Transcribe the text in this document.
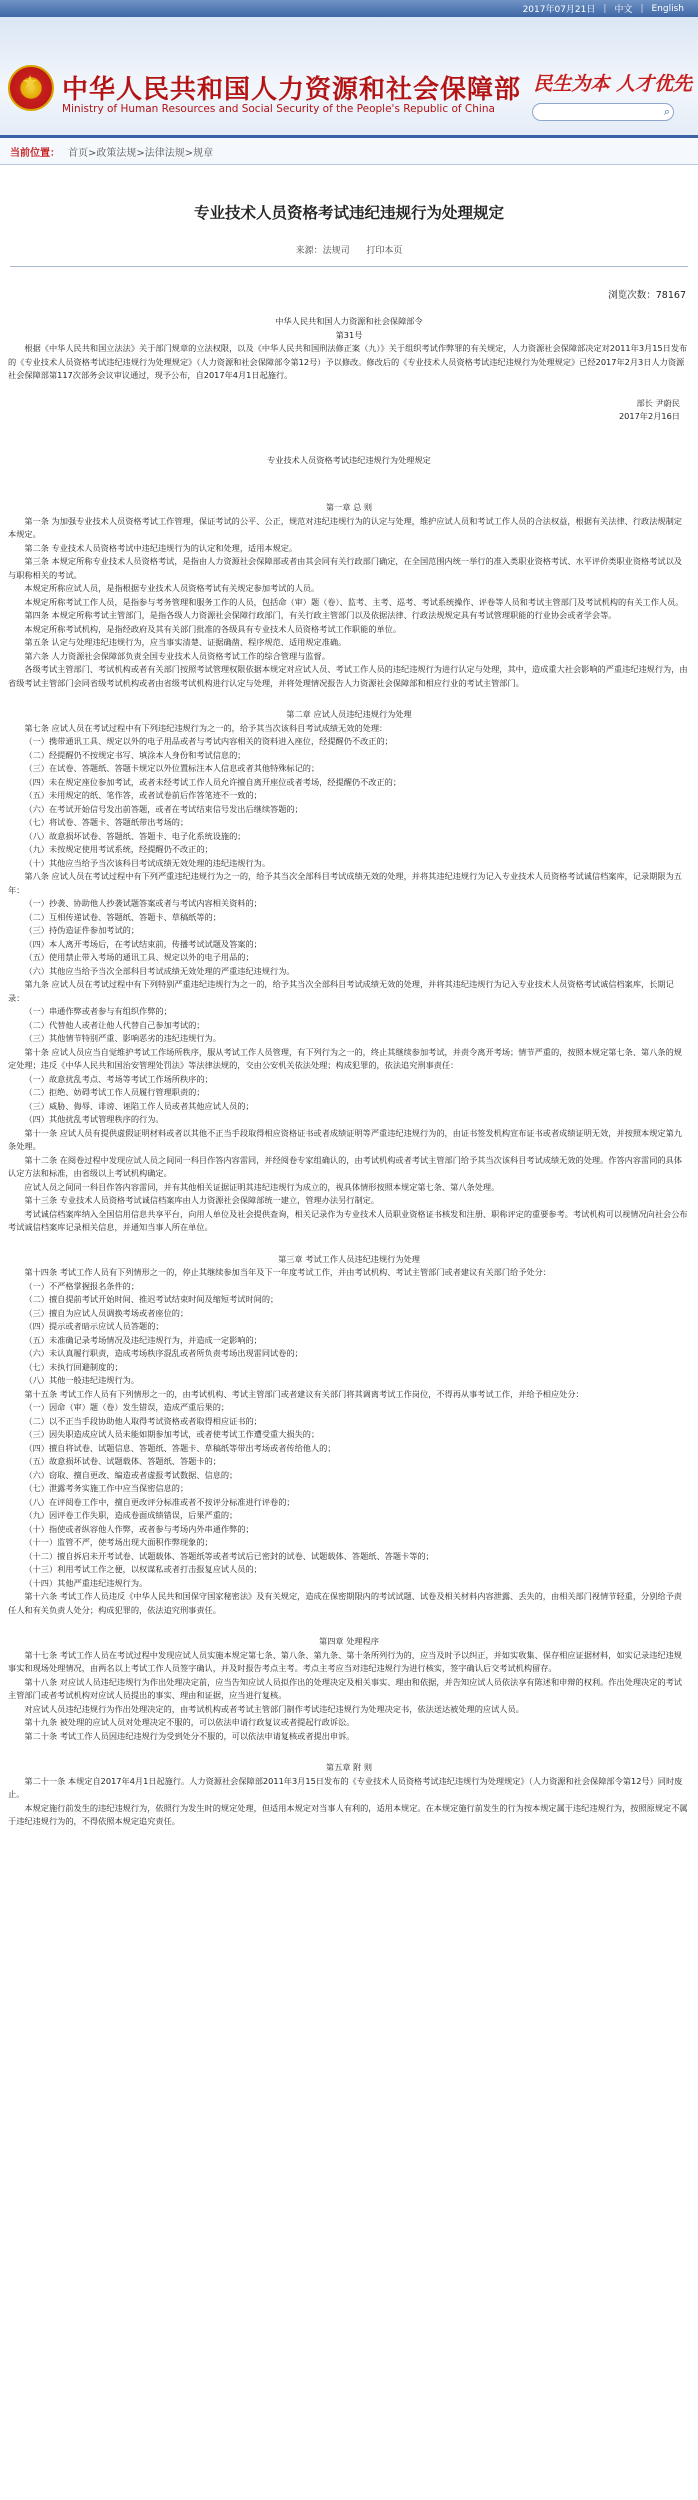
2017年07月21日 | 中文 | English
★
中华人民共和国人力资源和社会保障部
Ministry of Human Resources and Social Security of the People's Republic of China
民生为本 人才优先
⌕
当前位置： 首页>政策法规>法律法规>规章
专业技术人员资格考试违纪违规行为处理规定
来源：法规司 打印本页
浏览次数：78167
中华人民共和国人力资源和社会保障部令
第31号
根据《中华人民共和国立法法》关于部门规章的立法权限，以及《中华人民共和国刑法修正案（九）》关于组织考试作弊罪的有关规定，人力资源社会保障部决定对2011年3月15日发布的《专业技术人员资格考试违纪违规行为处理规定》（人力资源和社会保障部令第12号）予以修改。修改后的《专业技术人员资格考试违纪违规行为处理规定》已经2017年2月3日人力资源社会保障部第117次部务会议审议通过，现予公布，自2017年4月1日起施行。
部长 尹蔚民
2017年2月16日
专业技术人员资格考试违纪违规行为处理规定
第一章 总 则
第一条 为加强专业技术人员资格考试工作管理，保证考试的公平、公正，规范对违纪违规行为的认定与处理，维护应试人员和考试工作人员的合法权益，根据有关法律、行政法规制定本规定。
第二条 专业技术人员资格考试中违纪违规行为的认定和处理，适用本规定。
第三条 本规定所称专业技术人员资格考试，是指由人力资源社会保障部或者由其会同有关行政部门确定，在全国范围内统一举行的准入类职业资格考试、水平评价类职业资格考试以及与职称相关的考试。
本规定所称应试人员，是指根据专业技术人员资格考试有关规定参加考试的人员。
本规定所称考试工作人员，是指参与考务管理和服务工作的人员，包括命（审）题（卷）、监考、主考、巡考、考试系统操作、评卷等人员和考试主管部门及考试机构的有关工作人员。
第四条 本规定所称考试主管部门，是指各级人力资源社会保障行政部门，有关行政主管部门以及依据法律、行政法规规定具有考试管理职能的行业协会或者学会等。
本规定所称考试机构，是指经政府及其有关部门批准的各级具有专业技术人员资格考试工作职能的单位。
第五条 认定与处理违纪违规行为，应当事实清楚、证据确凿、程序规范、适用规定准确。
第六条 人力资源社会保障部负责全国专业技术人员资格考试工作的综合管理与监督。
各级考试主管部门、考试机构或者有关部门按照考试管理权限依据本规定对应试人员、考试工作人员的违纪违规行为进行认定与处理，其中，造成重大社会影响的严重违纪违规行为，由省级考试主管部门会同省级考试机构或者由省级考试机构进行认定与处理，并将处理情况报告人力资源社会保障部和相应行业的考试主管部门。
第二章 应试人员违纪违规行为处理
第七条 应试人员在考试过程中有下列违纪违规行为之一的，给予其当次该科目考试成绩无效的处理：
（一）携带通讯工具、规定以外的电子用品或者与考试内容相关的资料进入座位，经提醒仍不改正的；
（二）经提醒仍不按规定书写、填涂本人身份和考试信息的；
（三）在试卷、答题纸、答题卡规定以外位置标注本人信息或者其他特殊标记的；
（四）未在规定座位参加考试，或者未经考试工作人员允许擅自离开座位或者考场，经提醒仍不改正的；
（五）未用规定的纸、笔作答，或者试卷前后作答笔迹不一致的；
（六）在考试开始信号发出前答题，或者在考试结束信号发出后继续答题的；
（七）将试卷、答题卡、答题纸带出考场的；
（八）故意损坏试卷、答题纸、答题卡、电子化系统设施的；
（九）未按规定使用考试系统，经提醒仍不改正的；
（十）其他应当给予当次该科目考试成绩无效处理的违纪违规行为。
第八条 应试人员在考试过程中有下列严重违纪违规行为之一的，给予其当次全部科目考试成绩无效的处理，并将其违纪违规行为记入专业技术人员资格考试诚信档案库，记录期限为五年：
（一）抄袭、协助他人抄袭试题答案或者与考试内容相关资料的；
（二）互相传递试卷、答题纸、答题卡、草稿纸等的；
（三）持伪造证件参加考试的；
（四）本人离开考场后，在考试结束前，传播考试试题及答案的；
（五）使用禁止带入考场的通讯工具、规定以外的电子用品的；
（六）其他应当给予当次全部科目考试成绩无效处理的严重违纪违规行为。
第九条 应试人员在考试过程中有下列特别严重违纪违规行为之一的，给予其当次全部科目考试成绩无效的处理，并将其违纪违规行为记入专业技术人员资格考试诚信档案库，长期记录：
（一）串通作弊或者参与有组织作弊的；
（二）代替他人或者让他人代替自己参加考试的；
（三）其他情节特别严重、影响恶劣的违纪违规行为。
第十条 应试人员应当自觉维护考试工作场所秩序，服从考试工作人员管理，有下列行为之一的，终止其继续参加考试，并责令离开考场；情节严重的，按照本规定第七条、第八条的规定处理；违反《中华人民共和国治安管理处罚法》等法律法规的，交由公安机关依法处理；构成犯罪的，依法追究刑事责任：
（一）故意扰乱考点、考场等考试工作场所秩序的；
（二）拒绝、妨碍考试工作人员履行管理职责的；
（三）威胁、侮辱、诽谤、诬陷工作人员或者其他应试人员的；
（四）其他扰乱考试管理秩序的行为。
第十一条 应试人员有提供虚假证明材料或者以其他不正当手段取得相应资格证书或者成绩证明等严重违纪违规行为的，由证书签发机构宣布证书或者成绩证明无效，并按照本规定第九条处理。
第十二条 在阅卷过程中发现应试人员之间同一科目作答内容雷同，并经阅卷专家组确认的，由考试机构或者考试主管部门给予其当次该科目考试成绩无效的处理。作答内容雷同的具体认定方法和标准，由省级以上考试机构确定。
应试人员之间同一科目作答内容雷同，并有其他相关证据证明其违纪违规行为成立的，视具体情形按照本规定第七条、第八条处理。
第十三条 专业技术人员资格考试诚信档案库由人力资源社会保障部统一建立，管理办法另行制定。
考试诚信档案库纳入全国信用信息共享平台，向用人单位及社会提供查询，相关记录作为专业技术人员职业资格证书核发和注册、职称评定的重要参考。考试机构可以视情况向社会公布考试诚信档案库记录相关信息，并通知当事人所在单位。
第三章 考试工作人员违纪违规行为处理
第十四条 考试工作人员有下列情形之一的，停止其继续参加当年及下一年度考试工作，并由考试机构、考试主管部门或者建议有关部门给予处分：
（一）不严格掌握报名条件的；
（二）擅自提前考试开始时间、推迟考试结束时间及缩短考试时间的；
（三）擅自为应试人员调换考场或者座位的；
（四）提示或者暗示应试人员答题的；
（五）未准确记录考场情况及违纪违规行为，并造成一定影响的；
（六）未认真履行职责，造成考场秩序混乱或者所负责考场出现雷同试卷的；
（七）未执行回避制度的；
（八）其他一般违纪违规行为。
第十五条 考试工作人员有下列情形之一的，由考试机构、考试主管部门或者建议有关部门将其调离考试工作岗位，不得再从事考试工作，并给予相应处分：
（一）因命（审）题（卷）发生错误，造成严重后果的；
（二）以不正当手段协助他人取得考试资格或者取得相应证书的；
（三）因失职造成应试人员未能如期参加考试，或者使考试工作遭受重大损失的；
（四）擅自将试卷、试题信息、答题纸、答题卡、草稿纸等带出考场或者传给他人的；
（五）故意损坏试卷、试题载体、答题纸、答题卡的；
（六）窃取、擅自更改、编造或者虚报考试数据、信息的；
（七）泄露考务实施工作中应当保密信息的；
（八）在评阅卷工作中，擅自更改评分标准或者不按评分标准进行评卷的；
（九）因评卷工作失职，造成卷面成绩错误，后果严重的；
（十）指使或者纵容他人作弊，或者参与考场内外串通作弊的；
（十一）监管不严，使考场出现大面积作弊现象的；
（十二）擅自拆启未开考试卷、试题载体、答题纸等或者考试后已密封的试卷、试题载体、答题纸、答题卡等的；
（十三）利用考试工作之便，以权谋私或者打击报复应试人员的；
（十四）其他严重违纪违规行为。
第十六条 考试工作人员违反《中华人民共和国保守国家秘密法》及有关规定，造成在保密期限内的考试试题、试卷及相关材料内容泄露、丢失的，由相关部门视情节轻重，分别给予责任人和有关负责人处分；构成犯罪的，依法追究刑事责任。
第四章 处理程序
第十七条 考试工作人员在考试过程中发现应试人员实施本规定第七条、第八条、第九条、第十条所列行为的，应当及时予以纠正，并如实收集、保存相应证据材料，如实记录违纪违规事实和现场处理情况，由两名以上考试工作人员签字确认，并及时报告考点主考。考点主考应当对违纪违规行为进行核实，签字确认后交考试机构留存。
第十八条 对应试人员违纪违规行为作出处理决定前，应当告知应试人员拟作出的处理决定及相关事实、理由和依据，并告知应试人员依法享有陈述和申辩的权利。作出处理决定的考试主管部门或者考试机构对应试人员提出的事实、理由和证据，应当进行复核。
对应试人员违纪违规行为作出处理决定的，由考试机构或者考试主管部门制作考试违纪违规行为处理决定书，依法送达被处理的应试人员。
第十九条 被处理的应试人员对处理决定不服的，可以依法申请行政复议或者提起行政诉讼。
第二十条 考试工作人员因违纪违规行为受到处分不服的，可以依法申请复核或者提出申诉。
第五章 附 则
第二十一条 本规定自2017年4月1日起施行。人力资源社会保障部2011年3月15日发布的《专业技术人员资格考试违纪违规行为处理规定》（人力资源和社会保障部令第12号）同时废止。
本规定施行前发生的违纪违规行为，依照行为发生时的规定处理，但适用本规定对当事人有利的，适用本规定。在本规定施行前发生的行为按本规定属于违纪违规行为，按照原规定不属于违纪违规行为的，不得依照本规定追究责任。
